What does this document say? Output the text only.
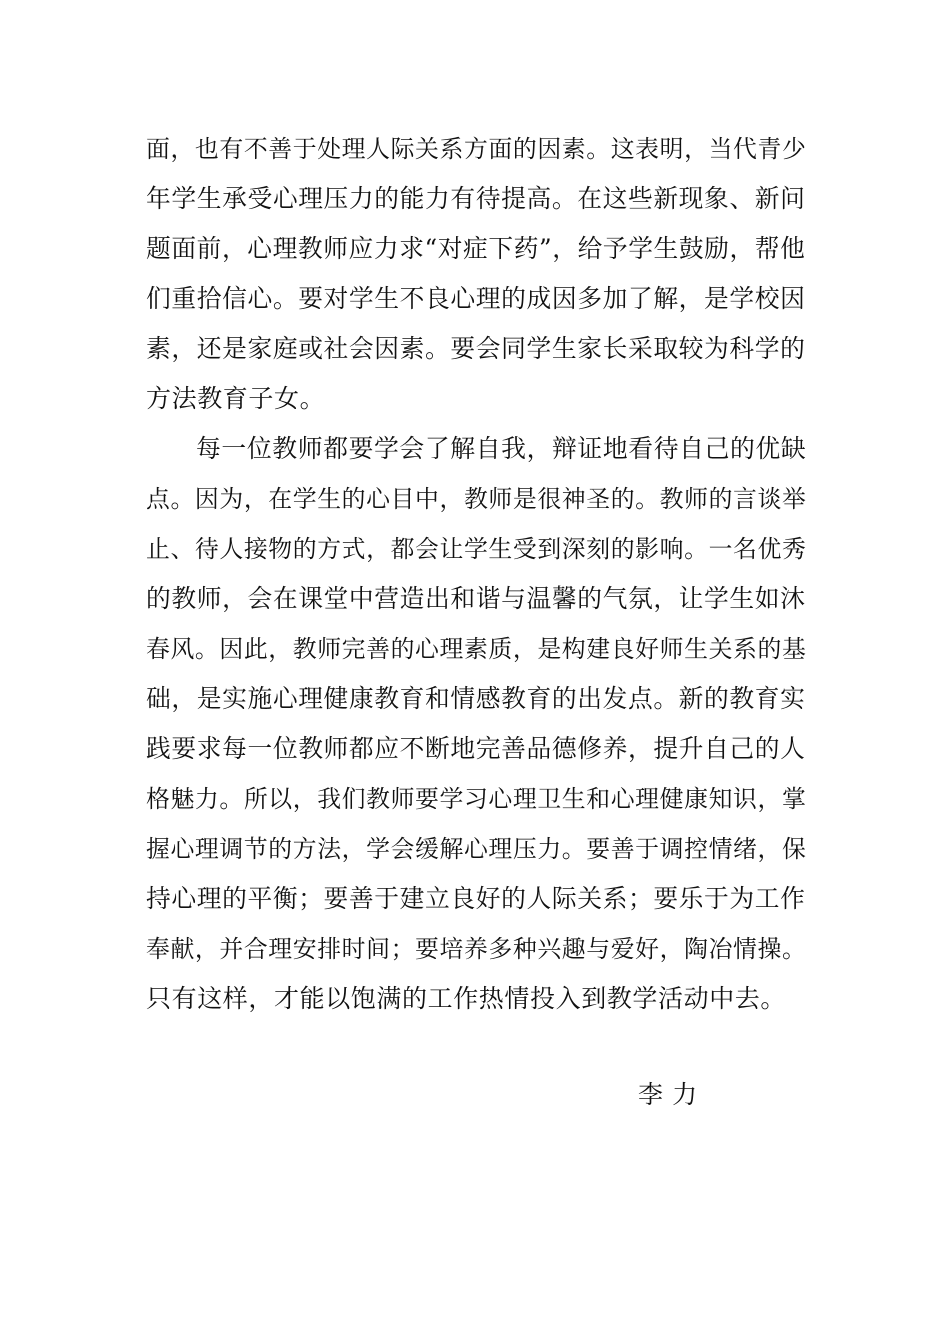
面，也有不善于处理人际关系方面的因素。这表明，当代青少
年学生承受心理压力的能力有待提高。在这些新现象、新问
题面前，心理教师应力求“对症下药”，给予学生鼓励，帮他
们重拾信心。要对学生不良心理的成因多加了解，是学校因
素，还是家庭或社会因素。要会同学生家长采取较为科学的
方法教育子女。
每一位教师都要学会了解自我，辩证地看待自己的优缺
点。因为，在学生的心目中，教师是很神圣的。教师的言谈举
止、待人接物的方式，都会让学生受到深刻的影响。一名优秀
的教师，会在课堂中营造出和谐与温馨的气氛，让学生如沐
春风。因此，教师完善的心理素质，是构建良好师生关系的基
础，是实施心理健康教育和情感教育的出发点。新的教育实
践要求每一位教师都应不断地完善品德修养，提升自己的人
格魅力。所以，我们教师要学习心理卫生和心理健康知识，掌
握心理调节的方法，学会缓解心理压力。要善于调控情绪，保
持心理的平衡；要善于建立良好的人际关系；要乐于为工作
奉献，并合理安排时间；要培养多种兴趣与爱好，陶冶情操。
只有这样，才能以饱满的工作热情投入到教学活动中去。
李 力
